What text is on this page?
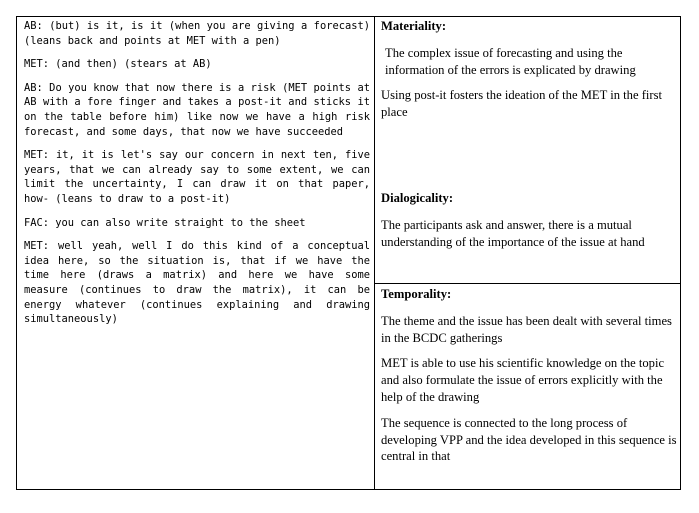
AB: (but) is it, is it (when you are giving a forecast) (leans back and points at MET with a pen)

MET: (and then) (stears at AB)

AB: Do you know that now there is a risk (MET points at AB with a fore finger and takes a post-it and sticks it on the table before him) like now we have a high risk forecast, and some days, that now we have succeeded

MET: it, it is let's say our concern in next ten, five years, that we can already say to some extent, we can limit the uncertainty, I can draw it on that paper, how- (leans to draw to a post-it)

FAC: you can also write straight to the sheet

MET: well yeah, well I do this kind of a conceptual idea here, so the situation is, that if we have the time here (draws a matrix) and here we have some measure (continues to draw the matrix), it can be energy whatever (continues explaining and drawing simultaneously)

Materiality:

The complex issue of forecasting and using the information of the errors is explicated by drawing

Using post-it fosters the ideation of the MET in the first place

Dialogicality:

The participants ask and answer, there is a mutual understanding of the importance of the issue at hand

Temporality:

The theme and the issue has been dealt with several times in the BCDC gatherings

MET is able to use his scientific knowledge on the topic and also formulate the issue of errors explicitly with the help of the drawing

The sequence is connected to the long process of developing VPP and the idea developed in this sequence is central in that
